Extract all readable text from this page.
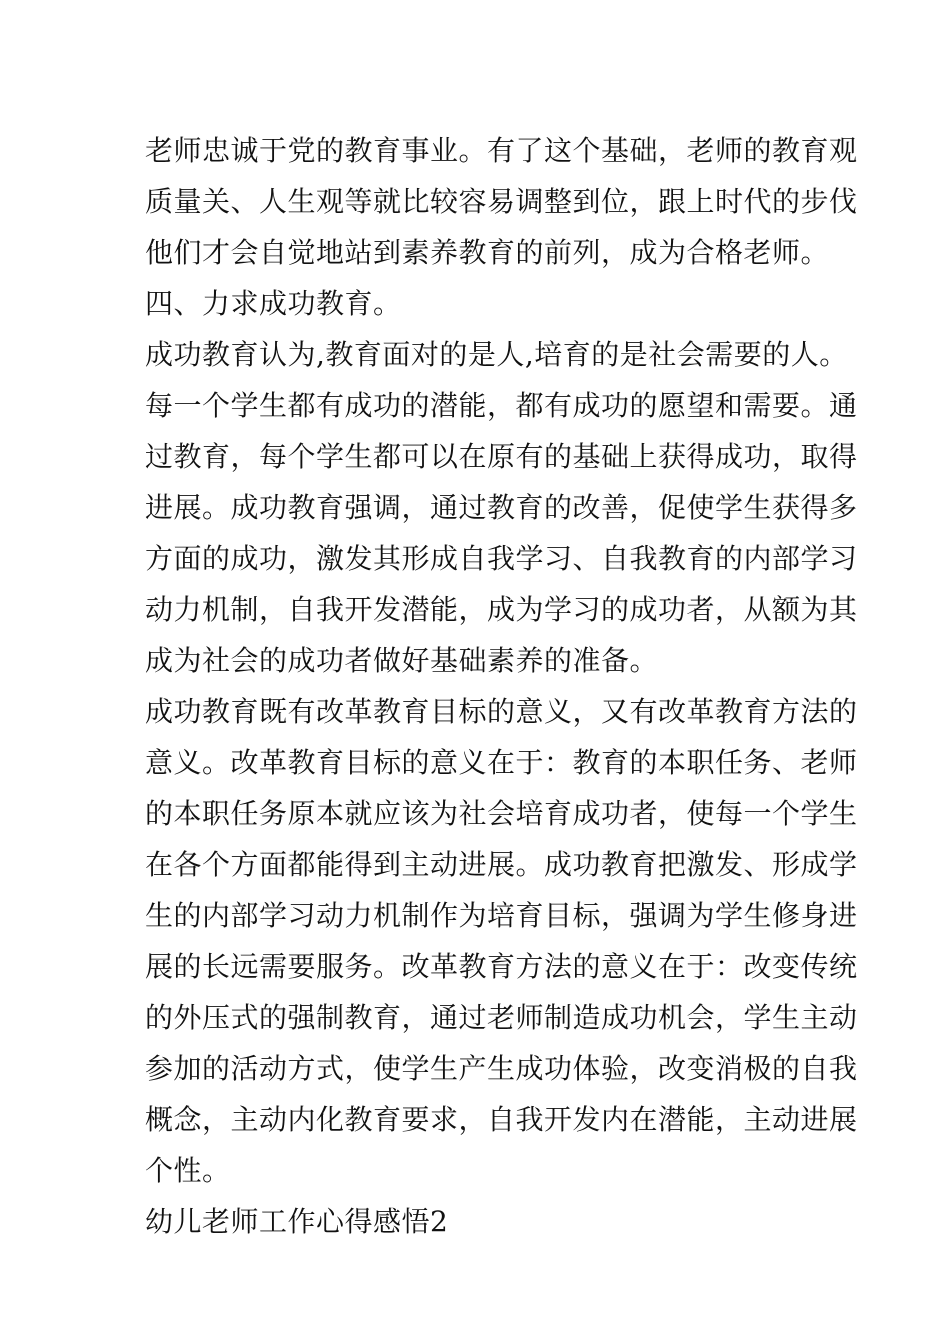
老师忠诚于党的教育事业。有了这个基础，老师的教育观
质量关、人生观等就比较容易调整到位，跟上时代的步伐
他们才会自觉地站到素养教育的前列，成为合格老师。
四、力求成功教育。
成功教育认为,教育面对的是人,培育的是社会需要的人。
每一个学生都有成功的潜能，都有成功的愿望和需要。通
过教育，每个学生都可以在原有的基础上获得成功，取得
进展。成功教育强调，通过教育的改善，促使学生获得多
方面的成功，激发其形成自我学习、自我教育的内部学习
动力机制，自我开发潜能，成为学习的成功者，从额为其
成为社会的成功者做好基础素养的准备。
成功教育既有改革教育目标的意义，又有改革教育方法的
意义。改革教育目标的意义在于：教育的本职任务、老师
的本职任务原本就应该为社会培育成功者，使每一个学生
在各个方面都能得到主动进展。成功教育把激发、形成学
生的内部学习动力机制作为培育目标，强调为学生修身进
展的长远需要服务。改革教育方法的意义在于：改变传统
的外压式的强制教育，通过老师制造成功机会，学生主动
参加的活动方式，使学生产生成功体验，改变消极的自我
概念，主动内化教育要求，自我开发内在潜能，主动进展
个性。
幼儿老师工作心得感悟2
